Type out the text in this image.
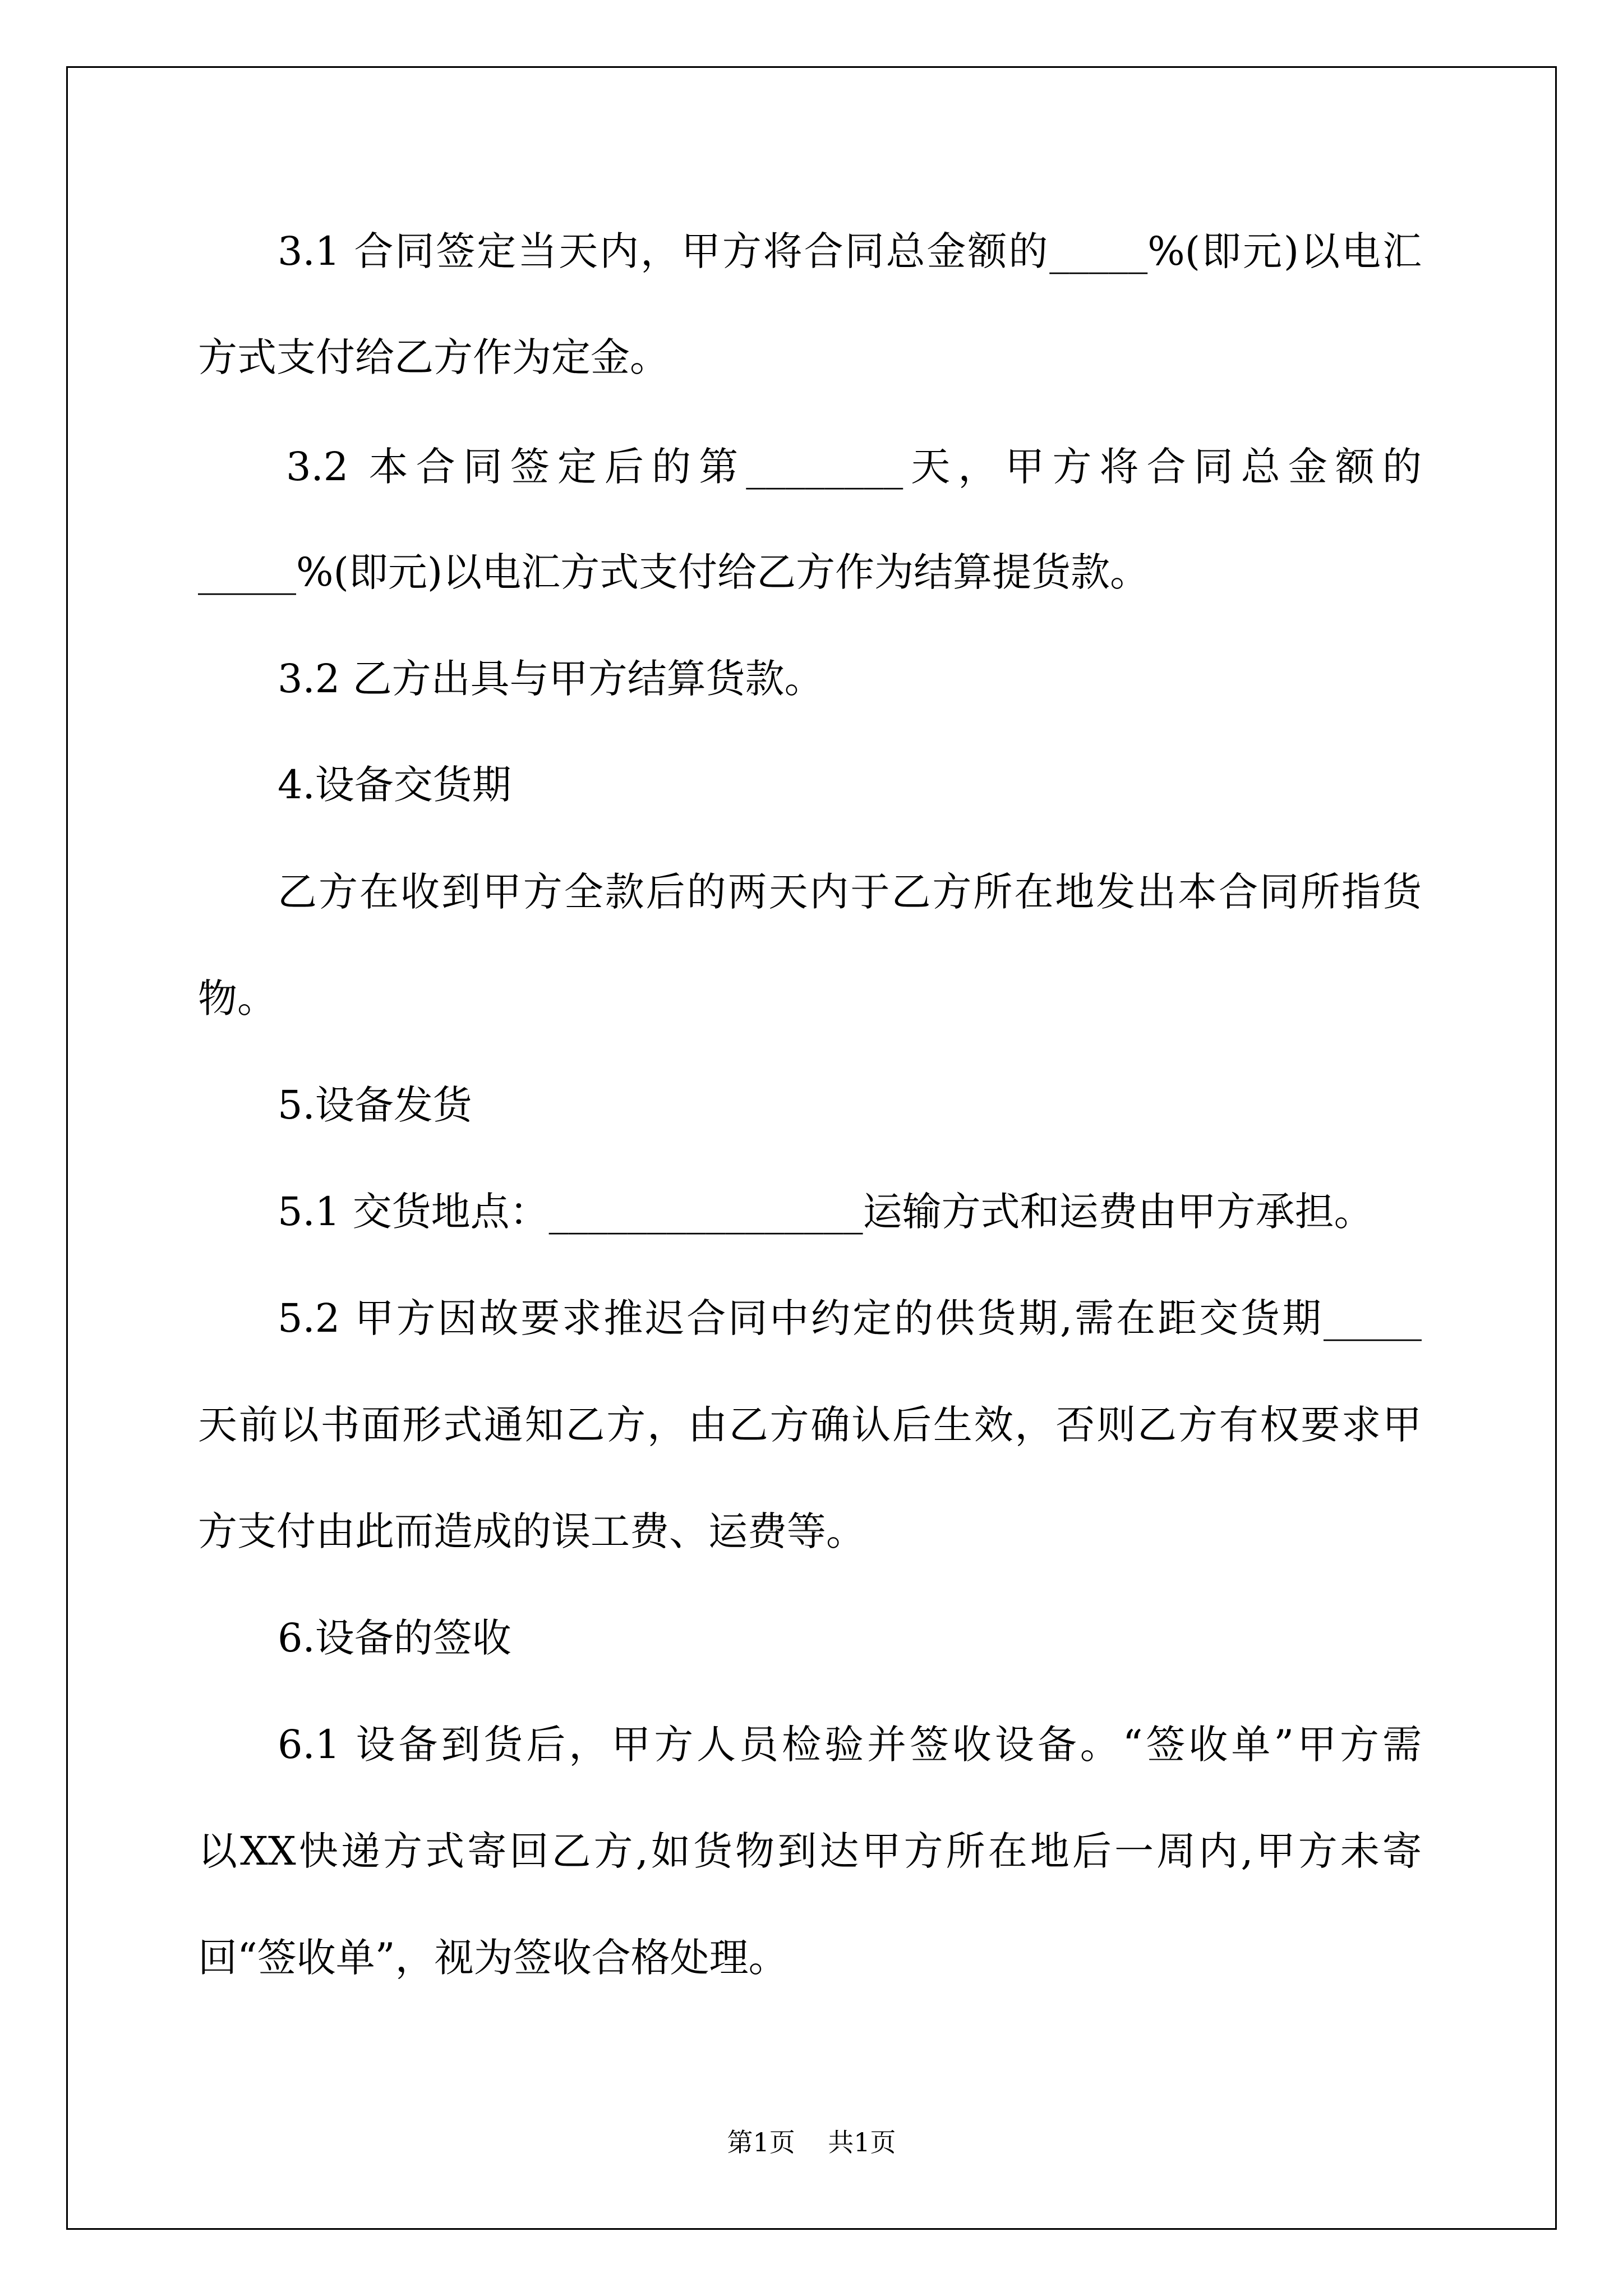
3.1 合同签定当天内，甲方将合同总金额的_____%(即元)以电汇
方式支付给乙方作为定金。
3.2 本合同签定后的第________天，甲方将合同总金额的
_____%(即元)以电汇方式支付给乙方作为结算提货款。
3.2 乙方出具与甲方结算货款。
4.设备交货期
乙方在收到甲方全款后的两天内于乙方所在地发出本合同所指货
物。
5.设备发货
5.1 交货地点：________________运输方式和运费由甲方承担。
5.2 甲方因故要求推迟合同中约定的供货期,需在距交货期_____
天前以书面形式通知乙方，由乙方确认后生效，否则乙方有权要求甲
方支付由此而造成的误工费、运费等。
6.设备的签收
6.1 设备到货后，甲方人员检验并签收设备。“签收单”甲方需
以XX快递方式寄回乙方,如货物到达甲方所在地后一周内,甲方未寄
回“签收单”，视为签收合格处理。
第1页    共1页
